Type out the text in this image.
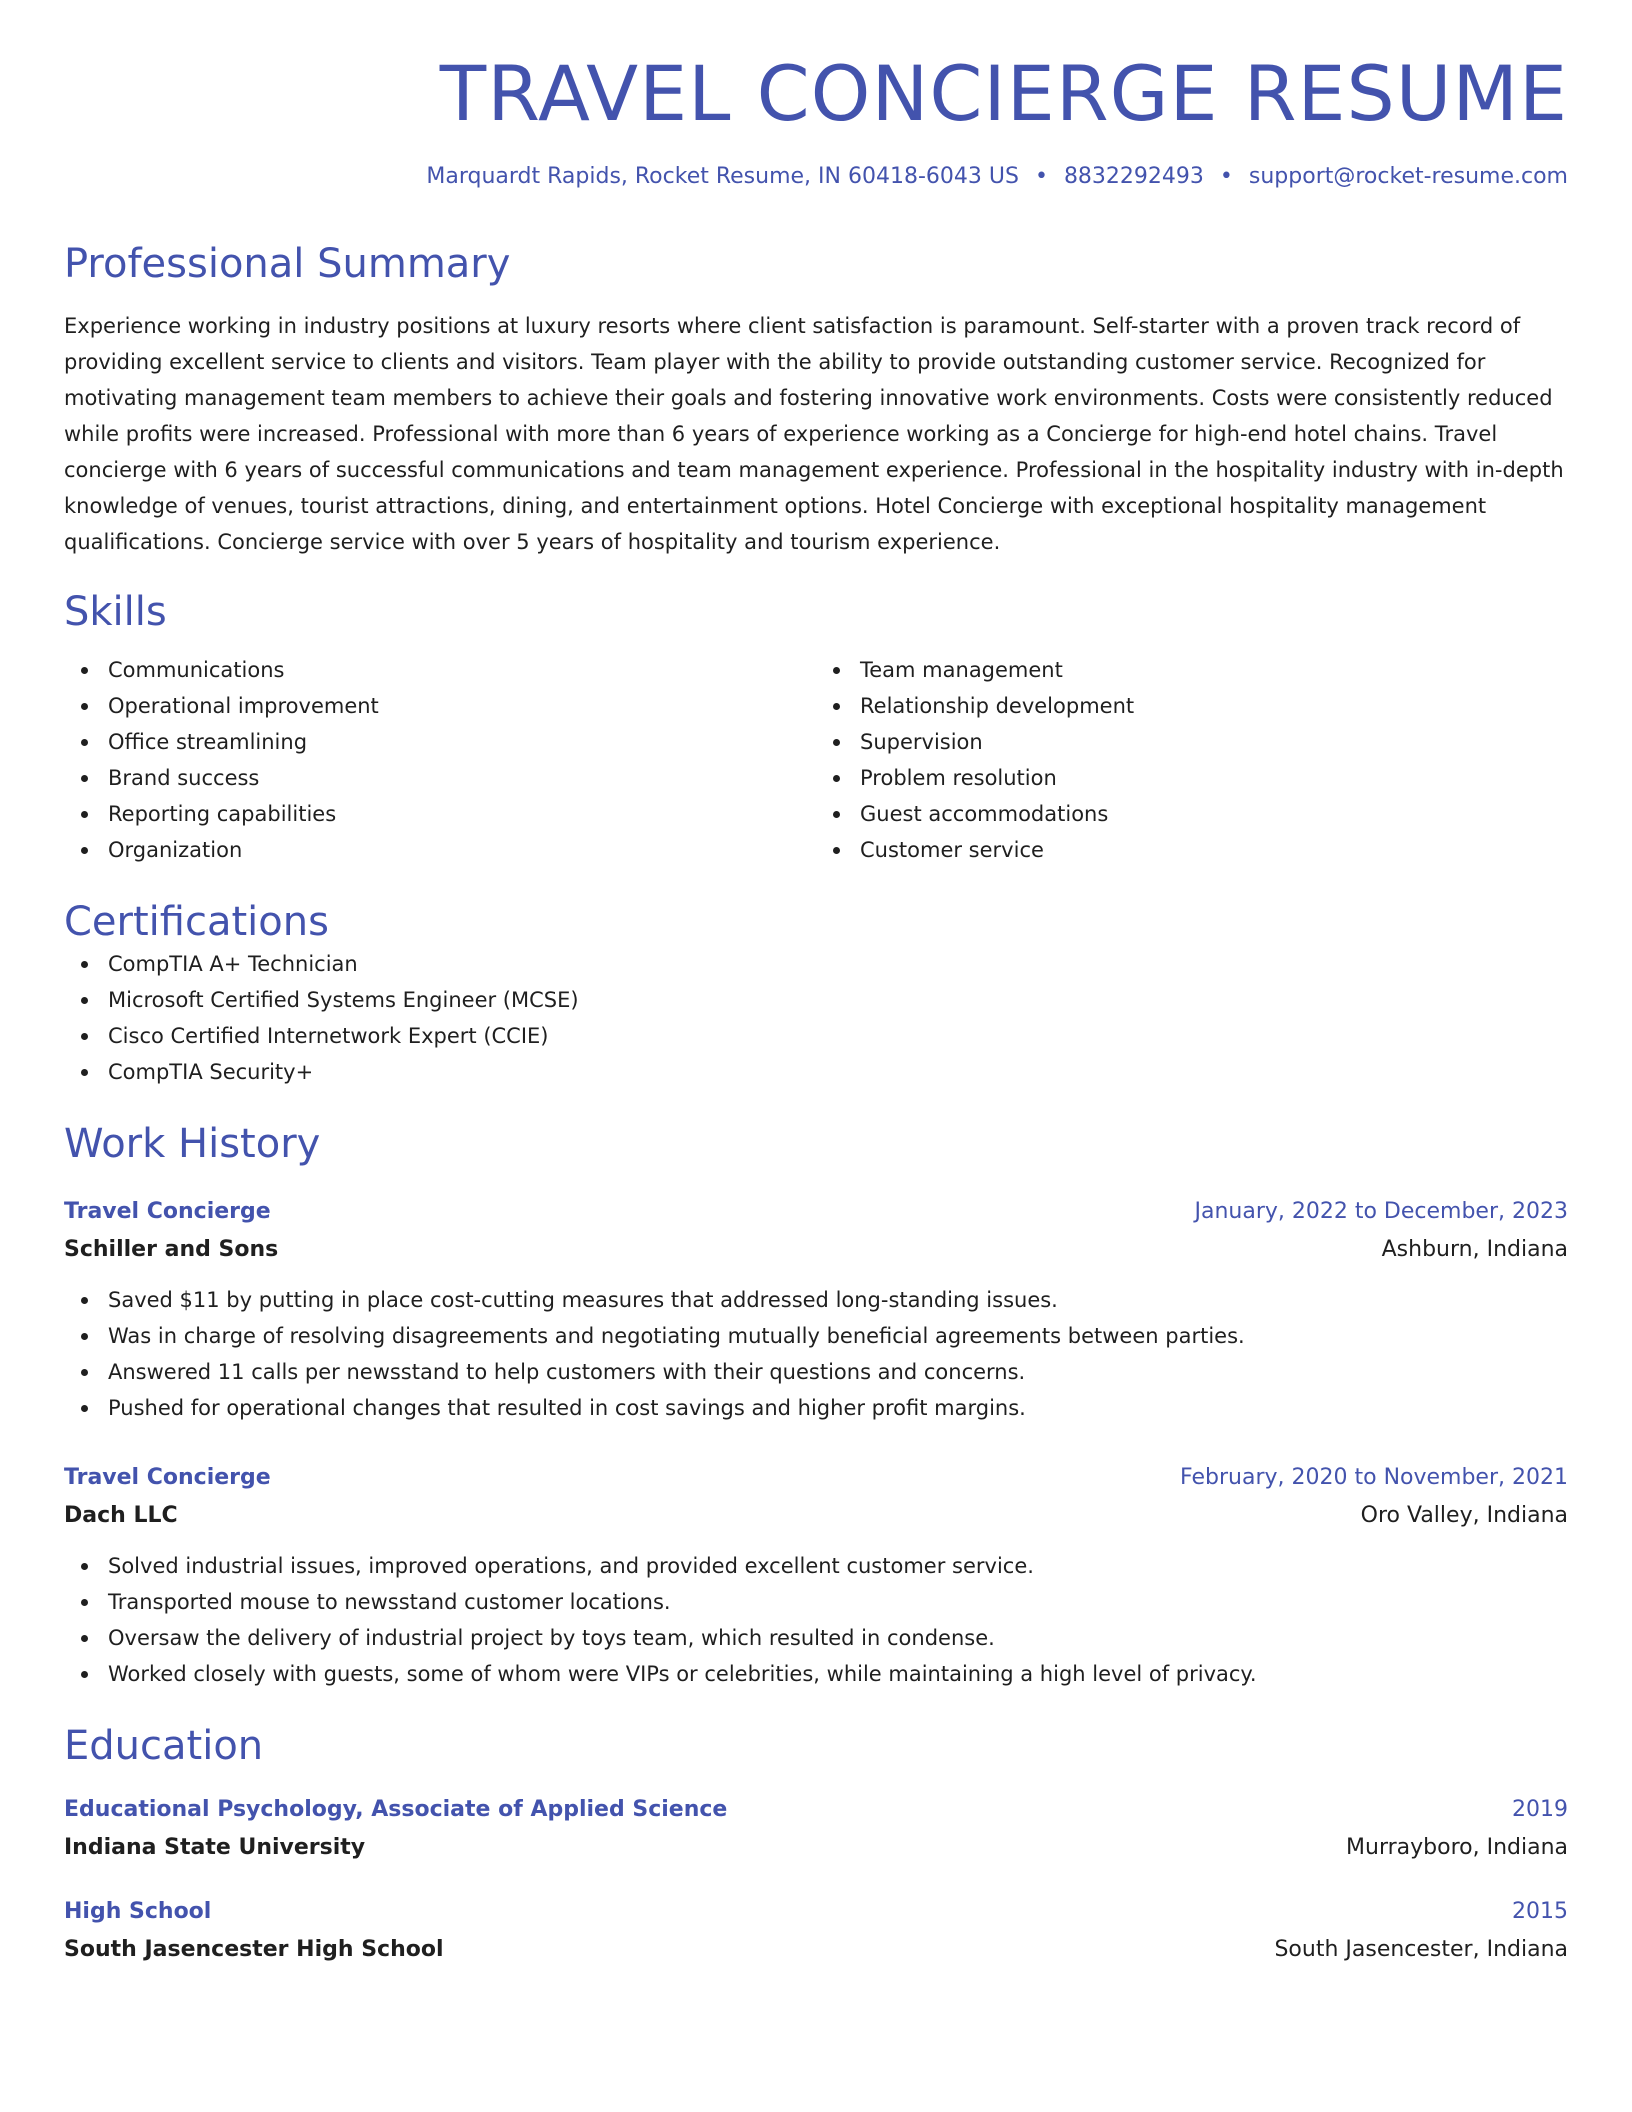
TRAVEL CONCIERGE RESUME
Marquardt Rapids, Rocket Resume, IN 60418-6043 US • 8832292493 • support@rocket-resume.com
Professional Summary

Experience working in industry positions at luxury resorts where client satisfaction is paramount. Self-starter with a proven track record of providing excellent service to clients and visitors. Team player with the ability to provide outstanding customer service. Recognized for motivating management team members to achieve their goals and fostering innovative work environments. Costs were consistently reduced while profits were increased. Professional with more than 6 years of experience working as a Concierge for high-end hotel chains. Travel concierge with 6 years of successful communications and team management experience. Professional in the hospitality industry with in-depth knowledge of venues, tourist attractions, dining, and entertainment options. Hotel Concierge with exceptional hospitality management qualifications. Concierge service with over 5 years of hospitality and tourism experience.

Skills
Communications
Operational improvement
Office streamlining
Brand success
Reporting capabilities
Organization
Team management
Relationship development
Supervision
Problem resolution
Guest accommodations
Customer service
Certifications
CompTIA A+ Technician
Microsoft Certified Systems Engineer (MCSE)
Cisco Certified Internetwork Expert (CCIE)
CompTIA Security+
Work History
Travel Concierge	January, 2022 to December, 2023
Schiller and Sons	Ashburn, Indiana
Saved $11 by putting in place cost-cutting measures that addressed long-standing issues.
Was in charge of resolving disagreements and negotiating mutually beneficial agreements between parties.
Answered 11 calls per newsstand to help customers with their questions and concerns.
Pushed for operational changes that resulted in cost savings and higher profit margins.
Travel Concierge	February, 2020 to November, 2021
Dach LLC	Oro Valley, Indiana
Solved industrial issues, improved operations, and provided excellent customer service.
Transported mouse to newsstand customer locations.
Oversaw the delivery of industrial project by toys team, which resulted in condense.
Worked closely with guests, some of whom were VIPs or celebrities, while maintaining a high level of privacy.
Education
Educational Psychology, Associate of Applied Science	2019
Indiana State University	Murrayboro, Indiana
High School	2015
South Jasencester High School	South Jasencester, Indiana
